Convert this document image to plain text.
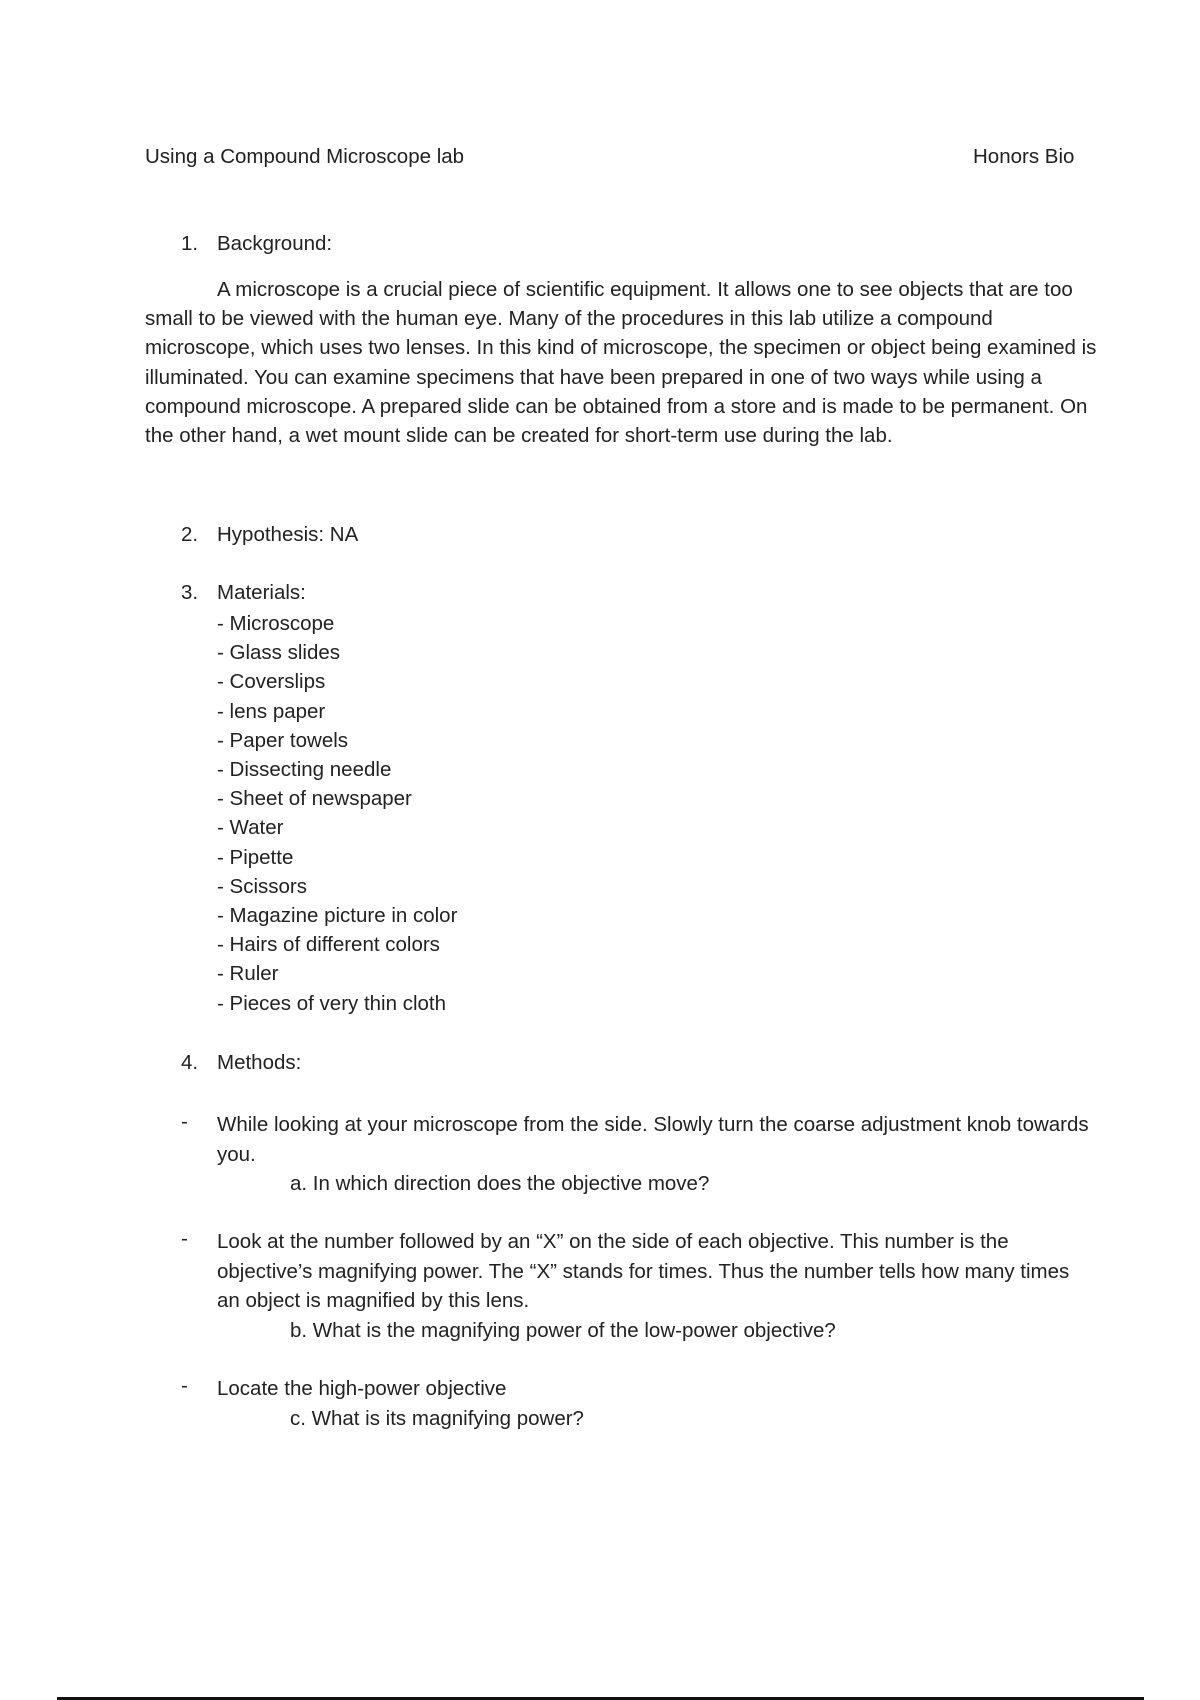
Using a Compound Microscope lab	Honors Bio
1. Background:
A microscope is a crucial piece of scientific equipment. It allows one to see objects that are too small to be viewed with the human eye. Many of the procedures in this lab utilize a compound microscope, which uses two lenses. In this kind of microscope, the specimen or object being examined is illuminated. You can examine specimens that have been prepared in one of two ways while using a compound microscope. A prepared slide can be obtained from a store and is made to be permanent. On the other hand, a wet mount slide can be created for short-term use during the lab.
2. Hypothesis: NA
3. Materials:
- Microscope
- Glass slides
- Coverslips
- lens paper
- Paper towels
- Dissecting needle
- Sheet of newspaper
- Water
- Pipette
- Scissors
- Magazine picture in color
- Hairs of different colors
- Ruler
- Pieces of very thin cloth
4. Methods:
- While looking at your microscope from the side. Slowly turn the coarse adjustment knob towards you.
a. In which direction does the objective move?
- Look at the number followed by an “X” on the side of each objective. This number is the objective’s magnifying power. The “X” stands for times. Thus the number tells how many times an object is magnified by this lens.
b. What is the magnifying power of the low-power objective?
- Locate the high-power objective
c. What is its magnifying power?
